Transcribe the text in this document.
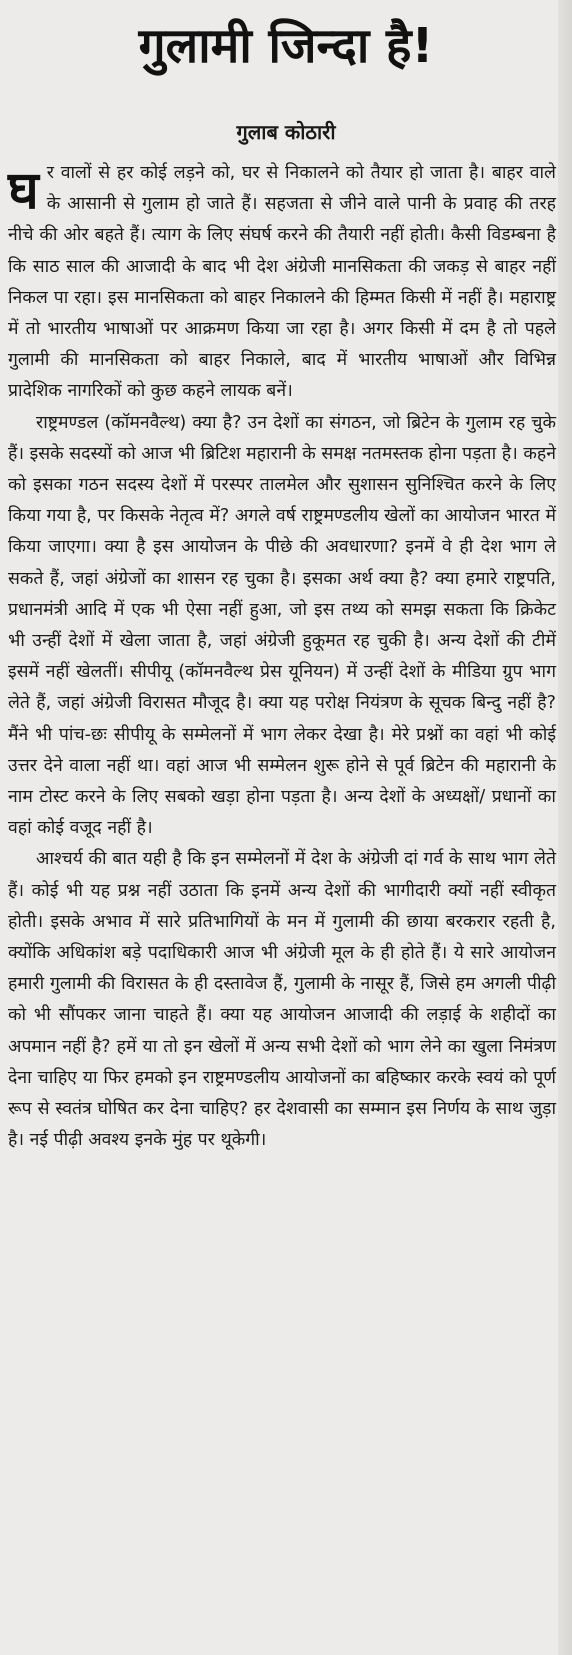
गुलामी जिन्दा है!
गुलाब कोठारी

घर वालों से हर कोई लड़ने को, घर से निकालने को तैयार हो जाता है। बाहर वाले के आसानी से गुलाम हो जाते हैं। सहजता से जीने वाले पानी के प्रवाह की तरह नीचे की ओर बहते हैं। त्याग के लिए संघर्ष करने की तैयारी नहीं होती। कैसी विडम्बना है कि साठ साल की आजादी के बाद भी देश अंग्रेजी मानसिकता की जकड़ से बाहर नहीं निकल पा रहा। इस मानसिकता को बाहर निकालने की हिम्मत किसी में नहीं है। महाराष्ट्र में तो भारतीय भाषाओं पर आक्रमण किया जा रहा है। अगर किसी में दम है तो पहले गुलामी की मानसिकता को बाहर निकाले, बाद में भारतीय भाषाओं और विभिन्न प्रादेशिक नागरिकों को कुछ कहने लायक बनें।

राष्ट्रमण्डल (कॉमनवैल्थ) क्या है? उन देशों का संगठन, जो ब्रिटेन के गुलाम रह चुके हैं। इसके सदस्यों को आज भी ब्रिटिश महारानी के समक्ष नतमस्तक होना पड़ता है। कहने को इसका गठन सदस्य देशों में परस्पर तालमेल और सुशासन सुनिश्चित करने के लिए किया गया है, पर किसके नेतृत्व में? अगले वर्ष राष्ट्रमण्डलीय खेलों का आयोजन भारत में किया जाएगा। क्या है इस आयोजन के पीछे की अवधारणा? इनमें वे ही देश भाग ले सकते हैं, जहां अंग्रेजों का शासन रह चुका है। इसका अर्थ क्या है? क्या हमारे राष्ट्रपति, प्रधानमंत्री आदि में एक भी ऐसा नहीं हुआ, जो इस तथ्य को समझ सकता कि क्रिकेट भी उन्हीं देशों में खेला जाता है, जहां अंग्रेजी हुकूमत रह चुकी है। अन्य देशों की टीमें इसमें नहीं खेलतीं। सीपीयू (कॉमनवैल्थ प्रेस यूनियन) में उन्हीं देशों के मीडिया ग्रुप भाग लेते हैं, जहां अंग्रेजी विरासत मौजूद है। क्या यह परोक्ष नियंत्रण के सूचक बिन्दु नहीं है? मैंने भी पांच-छः सीपीयू के सम्मेलनों में भाग लेकर देखा है। मेरे प्रश्नों का वहां भी कोई उत्तर देने वाला नहीं था। वहां आज भी सम्मेलन शुरू होने से पूर्व ब्रिटेन की महारानी के नाम टोस्ट करने के लिए सबको खड़ा होना पड़ता है। अन्य देशों के अध्यक्षों/ प्रधानों का वहां कोई वजूद नहीं है।

आश्चर्य की बात यही है कि इन सम्मेलनों में देश के अंग्रेजी दां गर्व के साथ भाग लेते हैं। कोई भी यह प्रश्न नहीं उठाता कि इनमें अन्य देशों की भागीदारी क्यों नहीं स्वीकृत होती। इसके अभाव में सारे प्रतिभागियों के मन में गुलामी की छाया बरकरार रहती है, क्योंकि अधिकांश बड़े पदाधिकारी आज भी अंग्रेजी मूल के ही होते हैं। ये सारे आयोजन हमारी गुलामी की विरासत के ही दस्तावेज हैं, गुलामी के नासूर हैं, जिसे हम अगली पीढ़ी को भी सौंपकर जाना चाहते हैं। क्या यह आयोजन आजादी की लड़ाई के शहीदों का अपमान नहीं है? हमें या तो इन खेलों में अन्य सभी देशों को भाग लेने का खुला निमंत्रण देना चाहिए या फिर हमको इन राष्ट्रमण्डलीय आयोजनों का बहिष्कार करके स्वयं को पूर्ण रूप से स्वतंत्र घोषित कर देना चाहिए? हर देशवासी का सम्मान इस निर्णय के साथ जुड़ा है। नई पीढ़ी अवश्य इनके मुंह पर थूकेगी।
